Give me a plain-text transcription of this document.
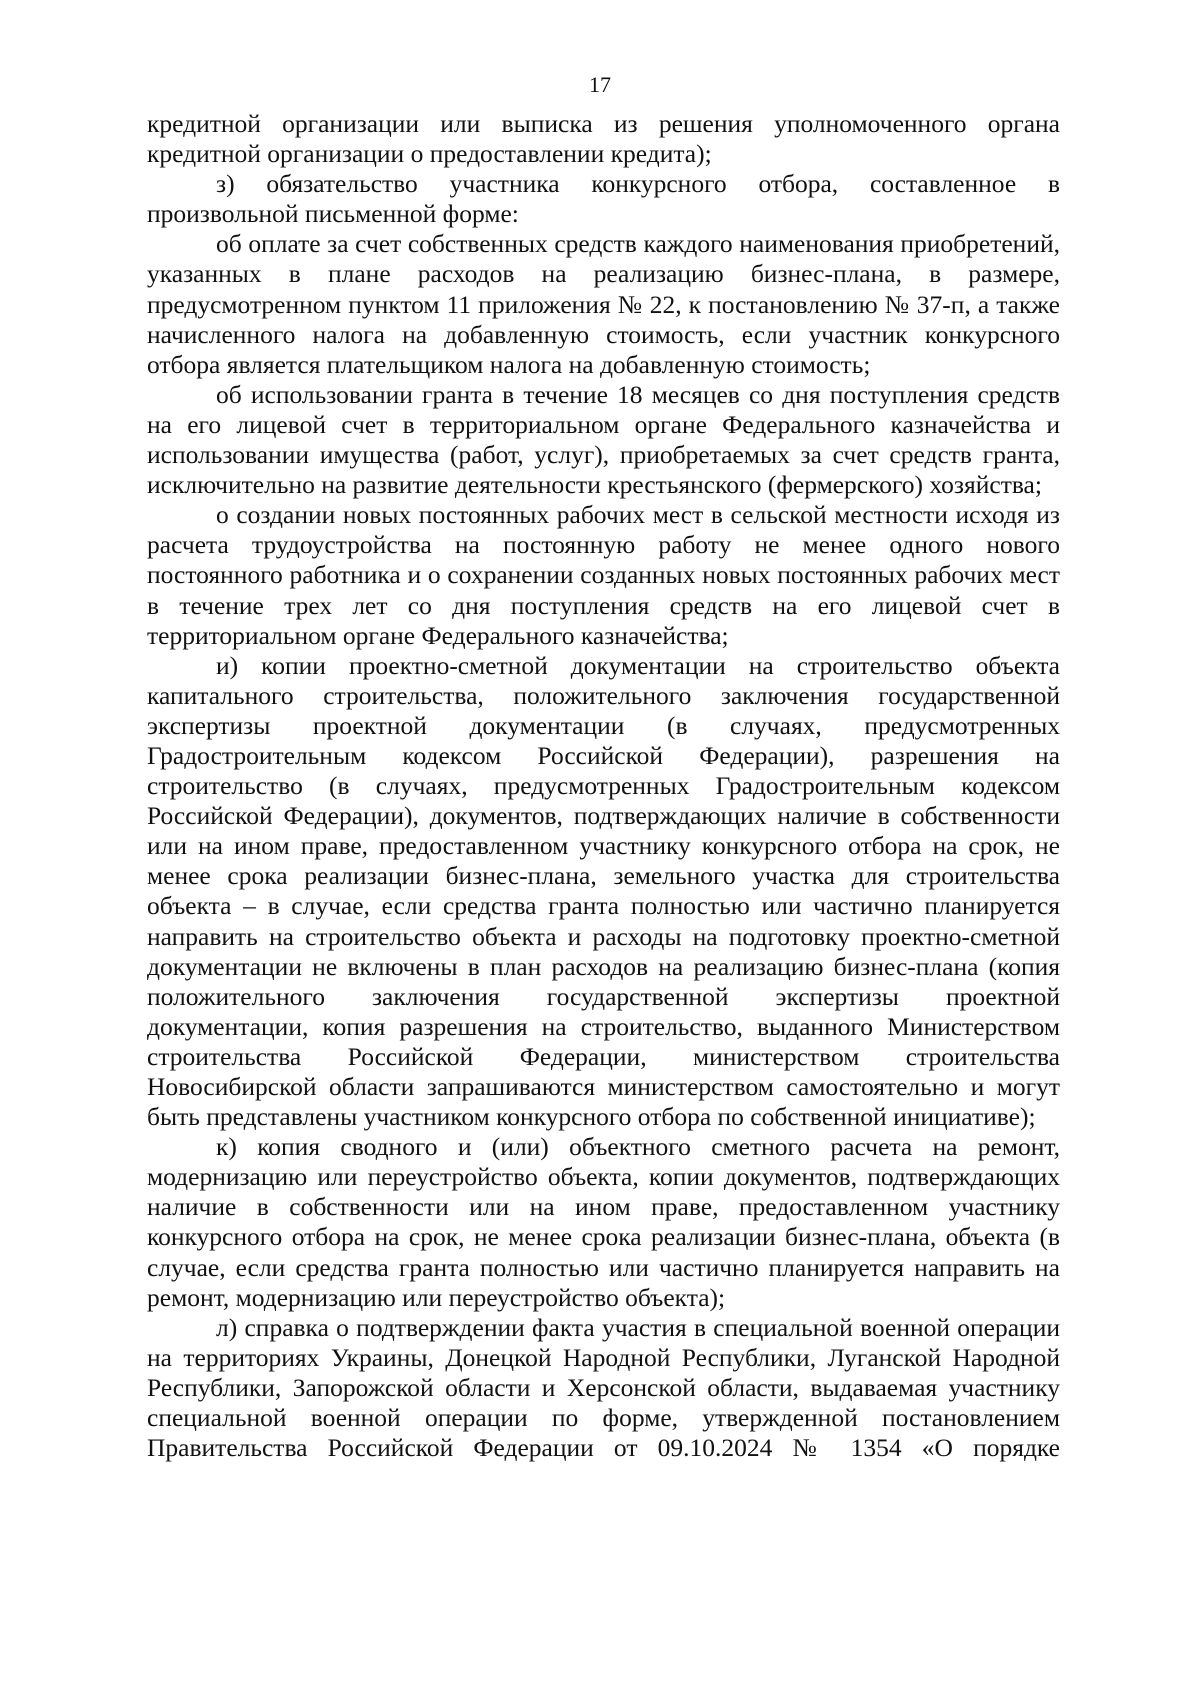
17

кредитной организации или выписка из решения уполномоченного органа кредитной организации о предоставлении кредита);

з) обязательство участника конкурсного отбора, составленное в произвольной письменной форме:

об оплате за счет собственных средств каждого наименования приобретений, указанных в плане расходов на реализацию бизнес-плана, в размере, предусмотренном пунктом 11 приложения № 22, к постановлению № 37-п, а также начисленного налога на добавленную стоимость, если участник конкурсного отбора является плательщиком налога на добавленную стоимость;

об использовании гранта в течение 18 месяцев со дня поступления средств на его лицевой счет в территориальном органе Федерального казначейства и использовании имущества (работ, услуг), приобретаемых за счет средств гранта, исключительно на развитие деятельности крестьянского (фермерского) хозяйства;

о создании новых постоянных рабочих мест в сельской местности исходя из расчета трудоустройства на постоянную работу не менее одного нового постоянного работника и о сохранении созданных новых постоянных рабочих мест в течение трех лет со дня поступления средств на его лицевой счет в территориальном органе Федерального казначейства;

и) копии проектно-сметной документации на строительство объекта капитального строительства, положительного заключения государственной экспертизы проектной документации (в случаях, предусмотренных Градостроительным кодексом Российской Федерации), разрешения на строительство (в случаях, предусмотренных Градостроительным кодексом Российской Федерации), документов, подтверждающих наличие в собственности или на ином праве, предоставленном участнику конкурсного отбора на срок, не менее срока реализации бизнес-плана, земельного участка для строительства объекта – в случае, если средства гранта полностью или частично планируется направить на строительство объекта и расходы на подготовку проектно-сметной документации не включены в план расходов на реализацию бизнес-плана (копия положительного заключения государственной экспертизы проектной документации, копия разрешения на строительство, выданного Министерством строительства Российской Федерации, министерством строительства Новосибирской области запрашиваются министерством самостоятельно и могут быть представлены участником конкурсного отбора по собственной инициативе);

к) копия сводного и (или) объектного сметного расчета на ремонт, модернизацию или переустройство объекта, копии документов, подтверждающих наличие в собственности или на ином праве, предоставленном участнику конкурсного отбора на срок, не менее срока реализации бизнес-плана, объекта (в случае, если средства гранта полностью или частично планируется направить на ремонт, модернизацию или переустройство объекта);

л) справка о подтверждении факта участия в специальной военной операции на территориях Украины, Донецкой Народной Республики, Луганской Народной Республики, Запорожской области и Херсонской области, выдаваемая участнику специальной военной операции по форме, утвержденной постановлением Правительства Российской Федерации от 09.10.2024 № 1354 «О порядке
